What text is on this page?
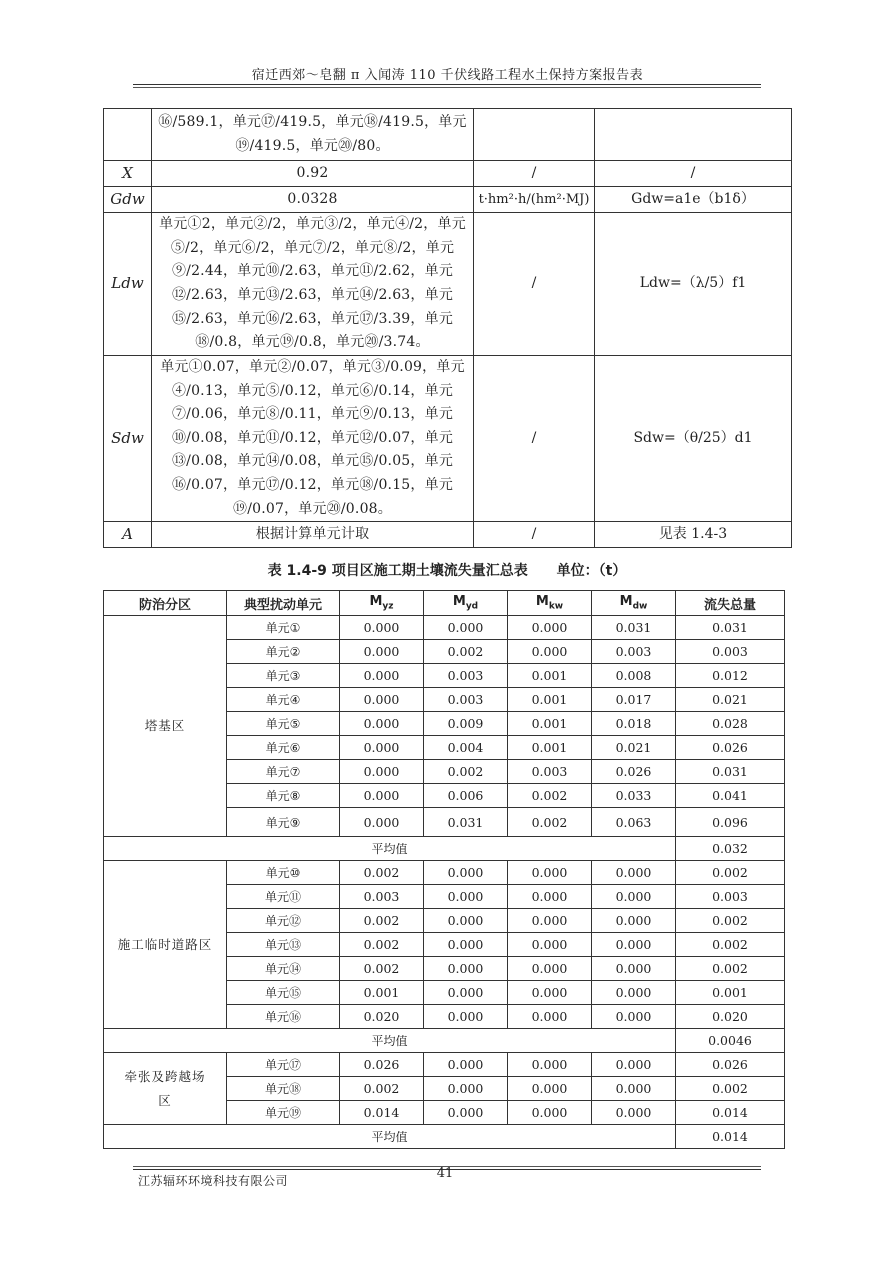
宿迁西郊～皂翻 π 入闻涛 110 千伏线路工程水土保持方案报告表
	⑯/589.1，单元⑰/419.5，单元⑱/419.5，单元⑲/419.5，单元⑳/80。		
X	0.92	/	/
Gdw	0.0328	t·hm²·h/(hm²·MJ)	Gdw=a1e（b1δ）
Ldw	单元①2，单元②/2，单元③/2，单元④/2，单元⑤/2，单元⑥/2，单元⑦/2，单元⑧/2，单元⑨/2.44，单元⑩/2.63，单元⑪/2.62，单元⑫/2.63，单元⑬/2.63，单元⑭/2.63，单元⑮/2.63，单元⑯/2.63，单元⑰/3.39，单元⑱/0.8，单元⑲/0.8，单元⑳/3.74。	/	Ldw=（λ/5）f1
Sdw	单元①0.07，单元②/0.07，单元③/0.09，单元④/0.13，单元⑤/0.12，单元⑥/0.14，单元⑦/0.06，单元⑧/0.11，单元⑨/0.13，单元⑩/0.08，单元⑪/0.12，单元⑫/0.07，单元⑬/0.08，单元⑭/0.08，单元⑮/0.05，单元⑯/0.07，单元⑰/0.12，单元⑱/0.15，单元⑲/0.07，单元⑳/0.08。	/	Sdw=（θ/25）d1
A	根据计算单元计取	/	见表 1.4-3
表 1.4-9 项目区施工期土壤流失量汇总表 单位：（t）
防治分区	典型扰动单元	$M_{yz}$	$M_{yd}$	$M_{kw}$	$M_{dw}$	流失总量
塔基区	单元①	0.000	0.000	0.000	0.031	0.031
	单元②	0.000	0.002	0.000	0.003	0.003
	单元③	0.000	0.003	0.001	0.008	0.012
	单元④	0.000	0.003	0.001	0.017	0.021
	单元⑤	0.000	0.009	0.001	0.018	0.028
	单元⑥	0.000	0.004	0.001	0.021	0.026
	单元⑦	0.000	0.002	0.003	0.026	0.031
	单元⑧	0.000	0.006	0.002	0.033	0.041
	单元⑨	0.000	0.031	0.002	0.063	0.096
平均值						0.032
施工临时道路区	单元⑩	0.002	0.000	0.000	0.000	0.002
	单元⑪	0.003	0.000	0.000	0.000	0.003
	单元⑫	0.002	0.000	0.000	0.000	0.002
	单元⑬	0.002	0.000	0.000	0.000	0.002
	单元⑭	0.002	0.000	0.000	0.000	0.002
	单元⑮	0.001	0.000	0.000	0.000	0.001
	单元⑯	0.020	0.000	0.000	0.000	0.020
平均值						0.0046
牵张及跨越场区	单元⑰	0.026	0.000	0.000	0.000	0.026
	单元⑱	0.002	0.000	0.000	0.000	0.002
	单元⑲	0.014	0.000	0.000	0.000	0.014
平均值						0.014
41
江苏辐环环境科技有限公司
